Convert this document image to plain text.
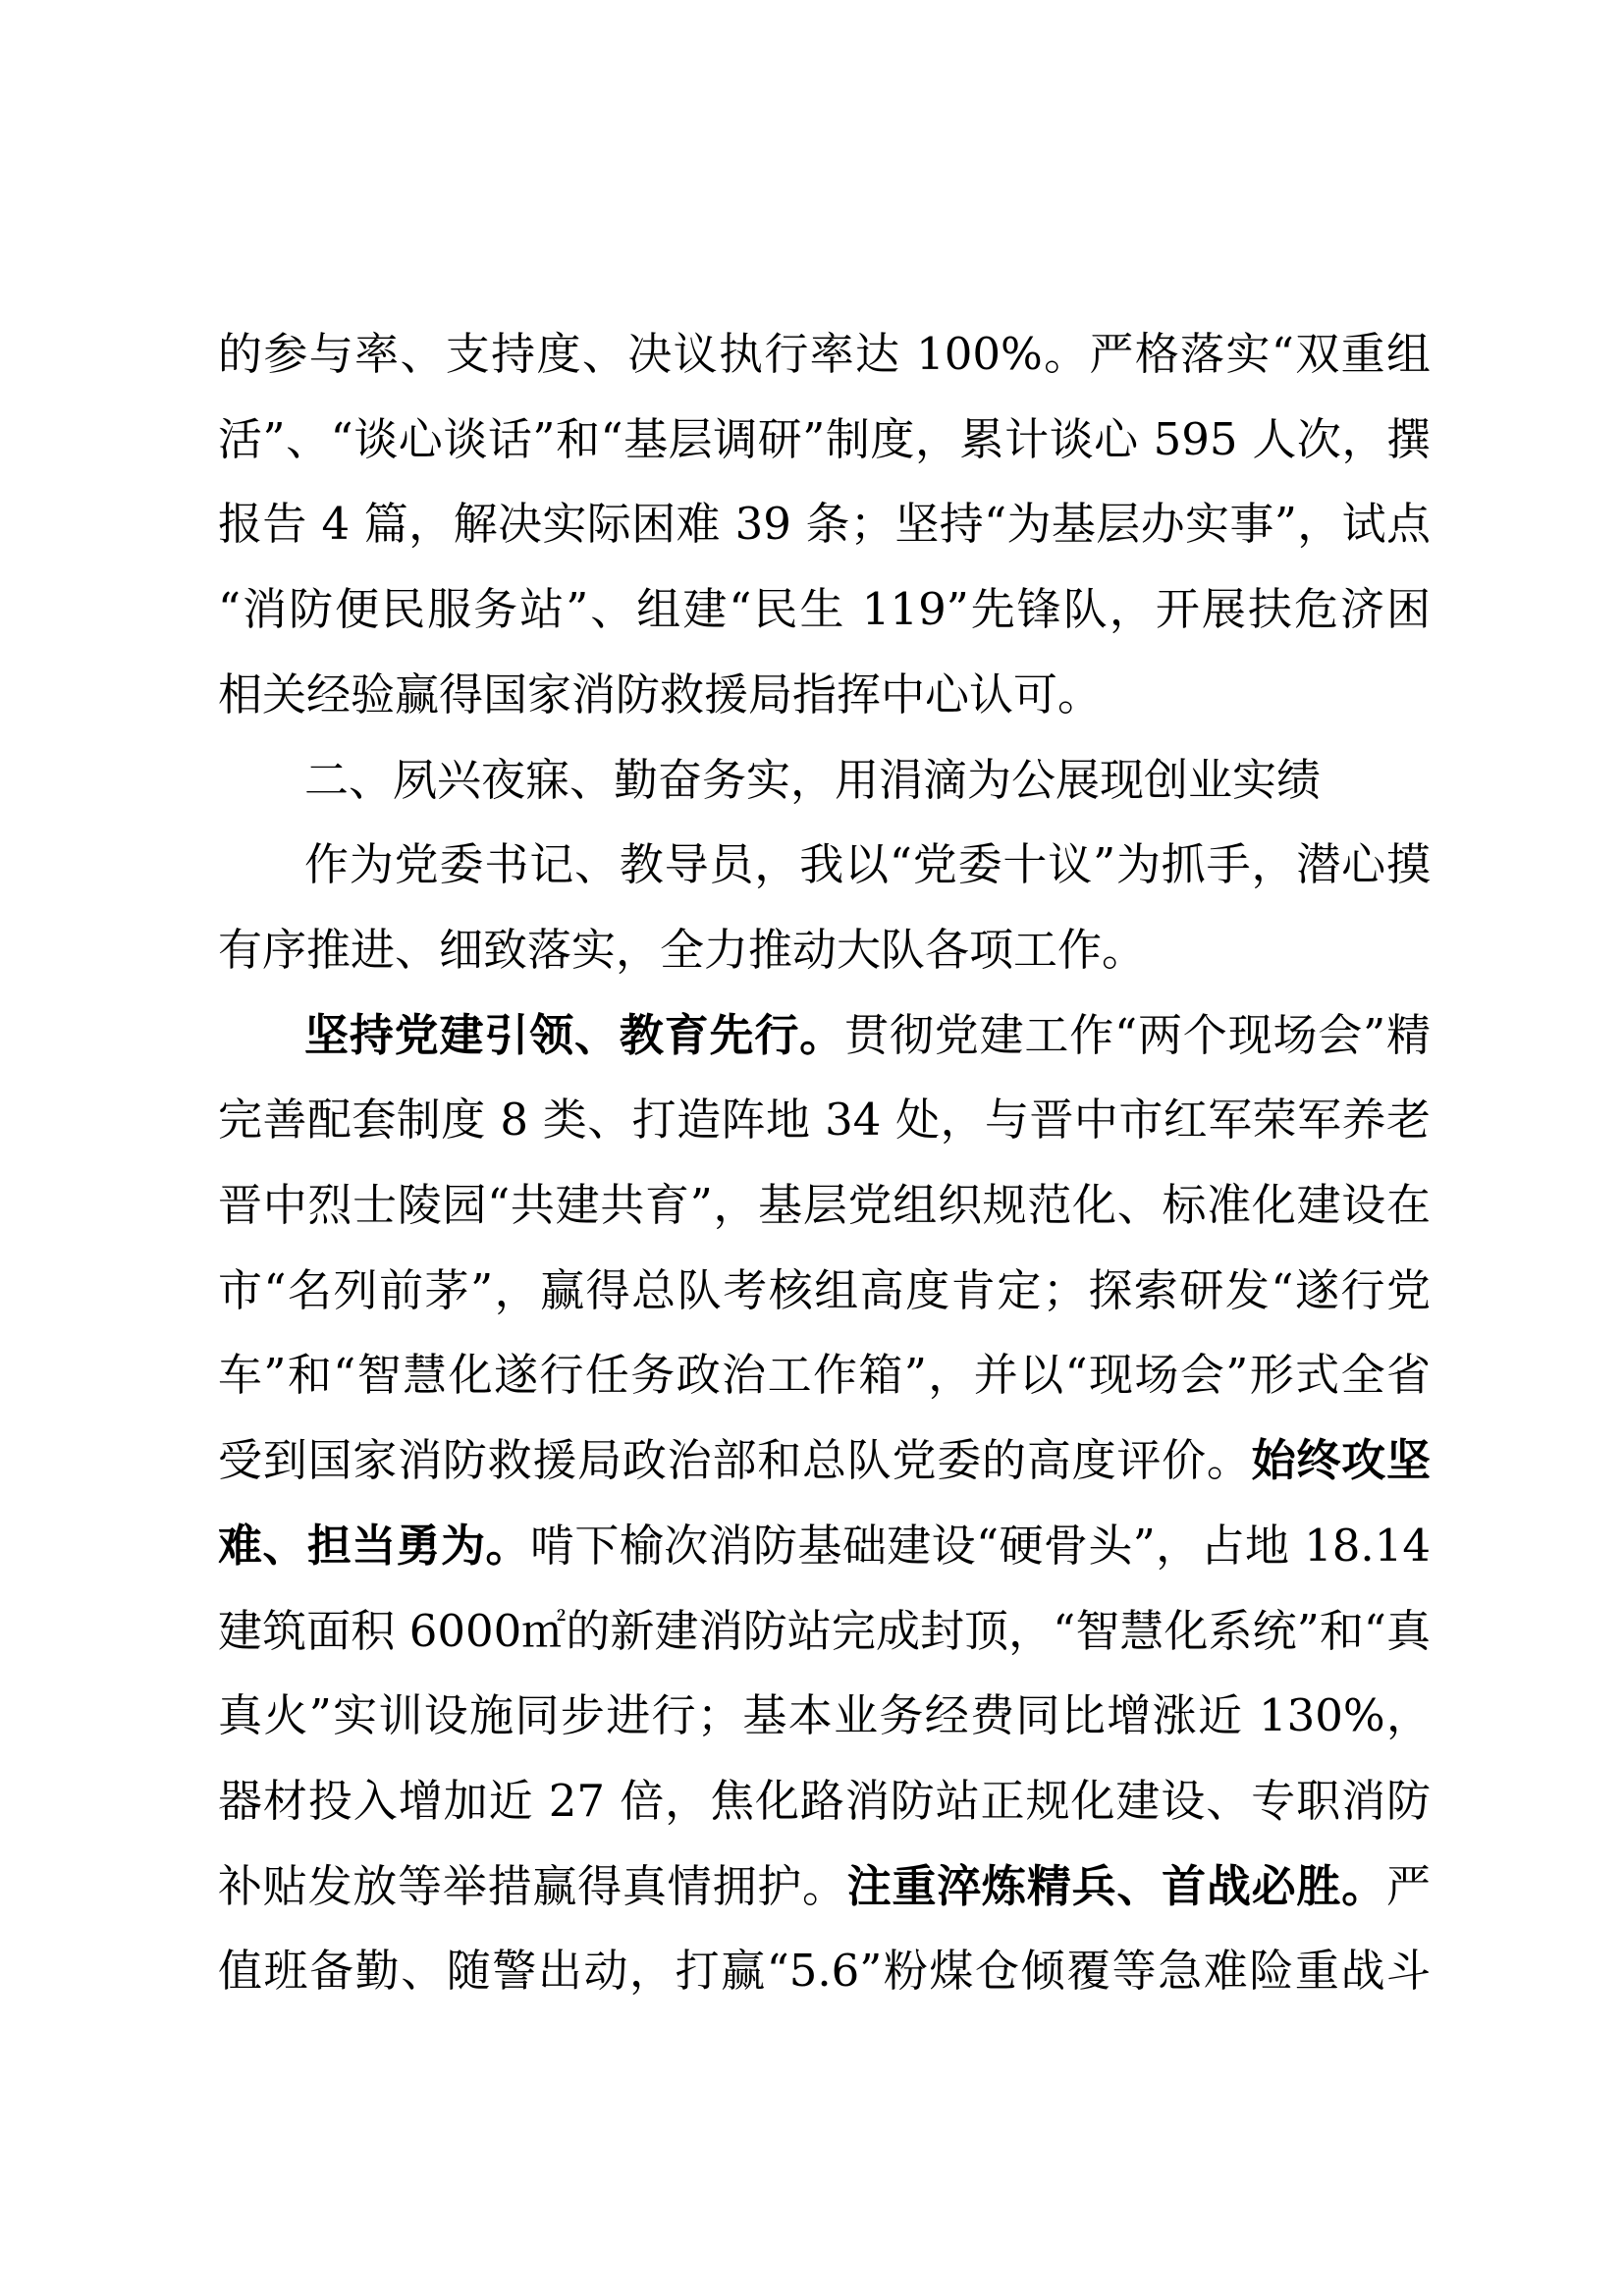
的参与率、支持度、决议执行率达 100%。严格落实“双重组
活”、“谈心谈话”和“基层调研”制度，累计谈心 595 人次，撰
报告 4 篇，解决实际困难 39 条；坚持“为基层办实事”，试点
“消防便民服务站”、组建“民生 119”先锋队，开展扶危济困
相关经验赢得国家消防救援局指挥中心认可。
二、夙兴夜寐、勤奋务实，用涓滴为公展现创业实绩
作为党委书记、教导员，我以“党委十议”为抓手，潜心摸
有序推进、细致落实，全力推动大队各项工作。
坚持党建引领、教育先行。贯彻党建工作“两个现场会”精
完善配套制度 8 类、打造阵地 34 处，与晋中市红军荣军养老
晋中烈士陵园“共建共育”，基层党组织规范化、标准化建设在
市“名列前茅”，赢得总队考核组高度肯定；探索研发“遂行党
车”和“智慧化遂行任务政治工作箱”，并以“现场会”形式全省
受到国家消防救援局政治部和总队党委的高度评价。始终攻坚
难、担当勇为。啃下榆次消防基础建设“硬骨头”，占地 18.14
建筑面积 6000㎡的新建消防站完成封顶，“智慧化系统”和“真
真火”实训设施同步进行；基本业务经费同比增涨近 130%，
器材投入增加近 27 倍，焦化路消防站正规化建设、专职消防
补贴发放等举措赢得真情拥护。注重淬炼精兵、首战必胜。严
值班备勤、随警出动，打赢“5.6”粉煤仓倾覆等急难险重战斗
